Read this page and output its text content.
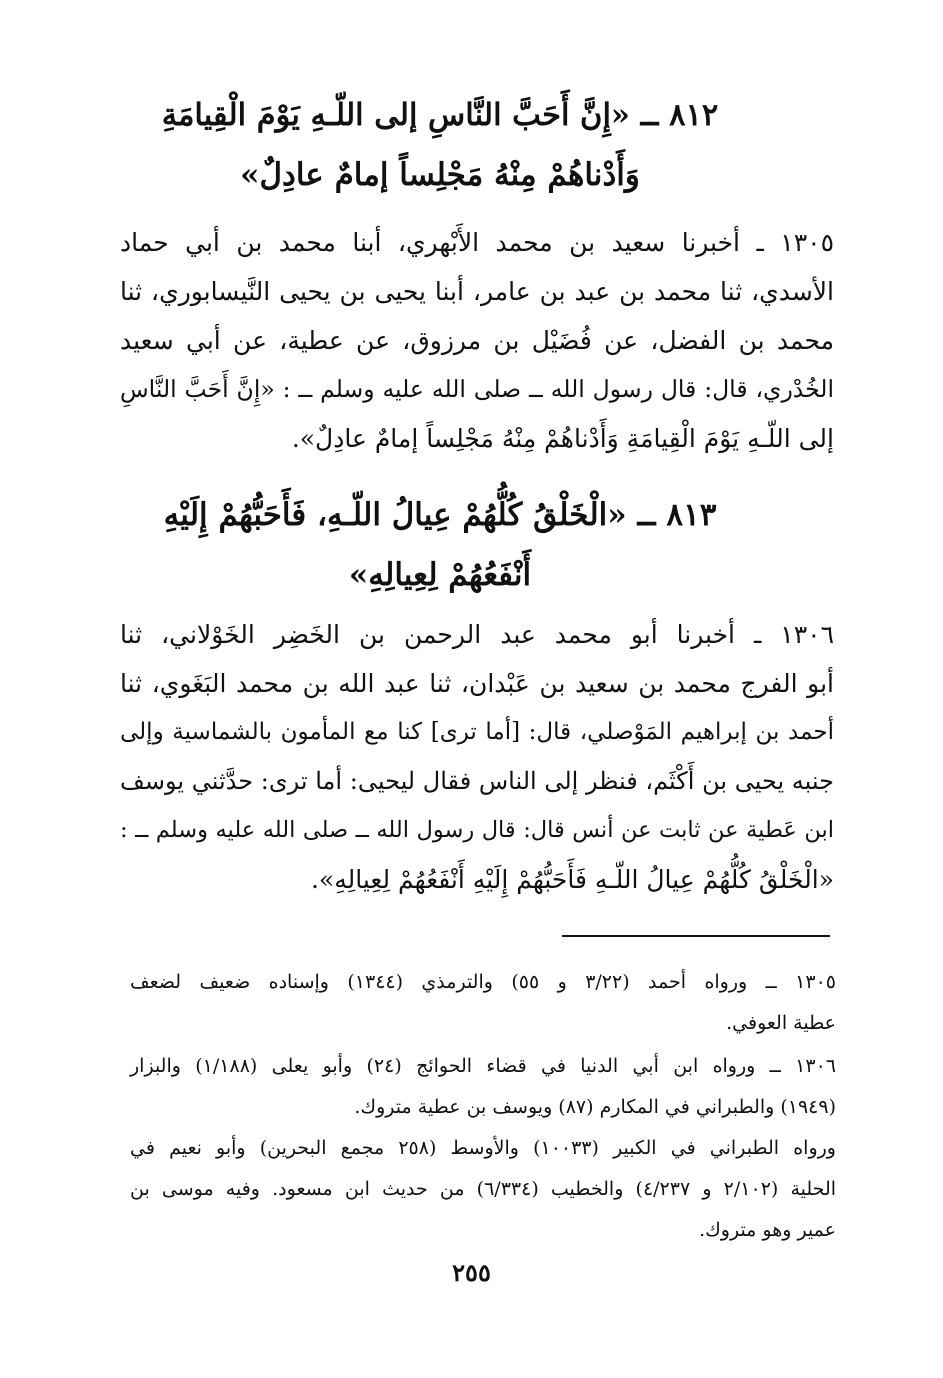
٨١٢ ــ «إِنَّ أَحَبَّ النَّاسِ إلى اللّـهِ يَوْمَ الْقِيامَةِ
وَأَدْناهُمْ مِنْهُ مَجْلِساً إمامٌ عادِلٌ»
١٣٠٥ ـ أخبرنا سعيد بن محمد الأَبْهري، أبنا محمد بن أبي حماد
الأسدي، ثنا محمد بن عبد بن عامر، أبنا يحيى بن يحيى النَّيسابوري، ثنا
محمد بن الفضل، عن فُضَيْل بن مرزوق، عن عطية، عن أبي سعيد
الخُدْري، قال: قال رسول الله ــ صلى الله عليه وسلم ــ : «إِنَّ أَحَبَّ النَّاسِ
إلى اللّـهِ يَوْمَ الْقِيامَةِ وَأَدْناهُمْ مِنْهُ مَجْلِساً إمامٌ عادِلٌ».
٨١٣ ــ «الْخَلْقُ كُلُّهُمْ عِيالُ اللّـهِ، فَأَحَبُّهُمْ إِلَيْهِ
أَنْفَعُهُمْ لِعِيالِهِ»
١٣٠٦ ـ أخبرنا أبو محمد عبد الرحمن بن الخَضِر الخَوْلاني، ثنا
أبو الفرج محمد بن سعيد بن عَبْدان، ثنا عبد الله بن محمد البَغَوي، ثنا
أحمد بن إبراهيم المَوْصلي، قال: [أما ترى] كنا مع المأمون بالشماسية وإلى
جنبه يحيى بن أَكْثَم، فنظر إلى الناس فقال ليحيى: أما ترى: حدَّثني يوسف
ابن عَطية عن ثابت عن أنس قال: قال رسول الله ــ صلى الله عليه وسلم ــ :
«الْخَلْقُ كُلُّهُمْ عِيالُ اللّـهِ فَأَحَبُّهُمْ إِلَيْهِ أَنْفَعُهُمْ لِعِيالِهِ».
١٣٠٥ ــ ورواه أحمد (٣/٢٢ و ٥٥) والترمذي (١٣٤٤) وإسناده ضعيف لضعف
عطية العوفي.
١٣٠٦ ــ ورواه ابن أبي الدنيا في قضاء الحوائج (٢٤) وأبو يعلى (١/١٨٨) والبزار
(١٩٤٩) والطبراني في المكارم (٨٧) ويوسف بن عطية متروك.
ورواه الطبراني في الكبير (١٠٠٣٣) والأوسط (٢٥٨ مجمع البحرين) وأبو نعيم في
الحلية (٢/١٠٢ و ٤/٢٣٧) والخطيب (٦/٣٣٤) من حديث ابن مسعود. وفيه موسى بن
عمير وهو متروك.
٢٥٥
